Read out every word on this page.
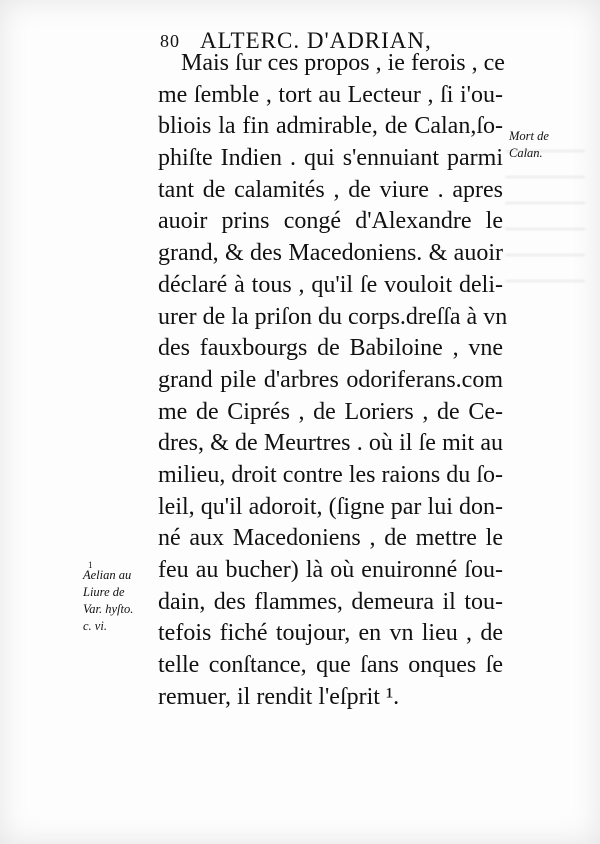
80 ALTERC. D'ADRIAN,
Mais ſur ces propos , ie ferois , ce
me ſemble , tort au Lecteur , ſi i'ou-
bliois la fin admirable, de Calan,ſo-
phiſte Indien . qui s'ennuiant parmi
tant de calamités , de viure . apres
auoir prins congé d'Alexandre le
grand, & des Macedoniens. & auoir
déclaré à tous , qu'il ſe vouloit deli-
urer de la priſon du corps.dreſſa à vn
des fauxbourgs de Babiloine , vne
grand pile d'arbres odoriferans.com
me de Ciprés , de Loriers , de Ce-
dres, & de Meurtres . où il ſe mit au
milieu, droit contre les raions du ſo-
leil, qu'il adoroit, (ſigne par lui don-
né aux Macedoniens , de mettre le
feu au bucher) là où enuironné ſou-
dain, des flammes, demeura il tou-
tefois fiché toujour, en vn lieu , de
telle conſtance, que ſans onques ſe
remuer, il rendit l'eſprit ¹.
Mort de
Calan.
1
Aelian au
Liure de
Var. hyſto.
c. vi.
